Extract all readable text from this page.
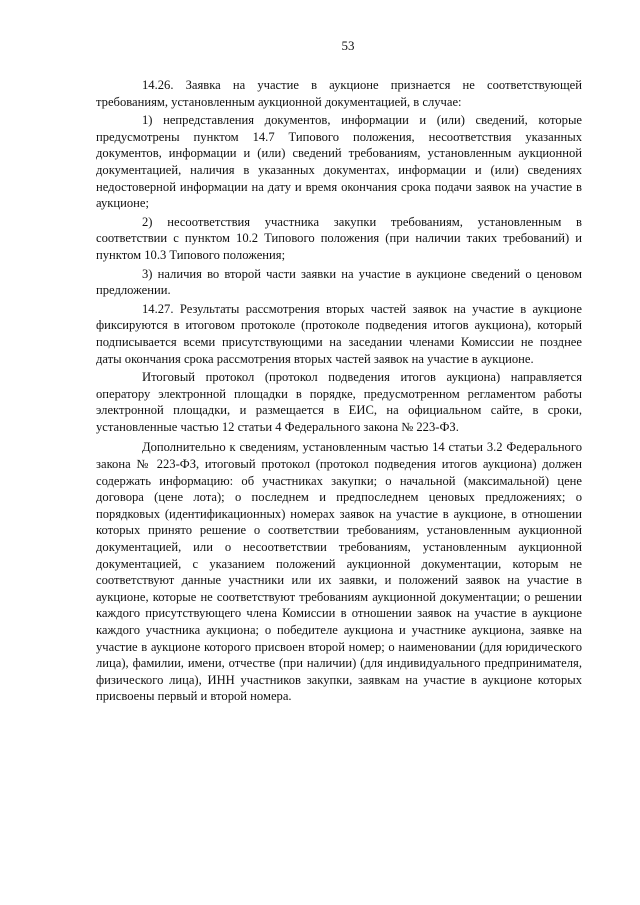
53

14.26. Заявка на участие в аукционе признается не соответствующей требованиям, установленным аукционной документацией, в случае:

1) непредставления документов, информации и (или) сведений, которые предусмотрены пунктом 14.7 Типового положения, несоответствия указанных документов, информации и (или) сведений требованиям, установленным аукционной документацией, наличия в указанных документах, информации и (или) сведениях недостоверной информации на дату и время окончания срока подачи заявок на участие в аукционе;

2) несоответствия участника закупки требованиям, установленным в соответствии с пунктом 10.2 Типового положения (при наличии таких требований) и пунктом 10.3 Типового положения;

3) наличия во второй части заявки на участие в аукционе сведений о ценовом предложении.

14.27. Результаты рассмотрения вторых частей заявок на участие в аукционе фиксируются в итоговом протоколе (протоколе подведения итогов аукциона), который подписывается всеми присутствующими на заседании членами Комиссии не позднее даты окончания срока рассмотрения вторых частей заявок на участие в аукционе.

Итоговый протокол (протокол подведения итогов аукциона) направляется оператору электронной площадки в порядке, предусмотренном регламентом работы электронной площадки, и размещается в ЕИС, на официальном сайте, в сроки, установленные частью 12 статьи 4 Федерального закона № 223-ФЗ.

Дополнительно к сведениям, установленным частью 14 статьи 3.2 Федерального закона № 223-ФЗ, итоговый протокол (протокол подведения итогов аукциона) должен содержать информацию: об участниках закупки; о начальной (максимальной) цене договора (цене лота); о последнем и предпоследнем ценовых предложениях; о порядковых (идентификационных) номерах заявок на участие в аукционе, в отношении которых принято решение о соответствии требованиям, установленным аукционной документацией, или о несоответствии требованиям, установленным аукционной документацией, с указанием положений аукционной документации, которым не соответствуют данные участники или их заявки, и положений заявок на участие в аукционе, которые не соответствуют требованиям аукционной документации; о решении каждого присутствующего члена Комиссии в отношении заявок на участие в аукционе каждого участника аукциона; о победителе аукциона и участнике аукциона, заявке на участие в аукционе которого присвоен второй номер; о наименовании (для юридического лица), фамилии, имени, отчестве (при наличии) (для индивидуального предпринимателя, физического лица), ИНН участников закупки, заявкам на участие в аукционе которых присвоены первый и второй номера.
